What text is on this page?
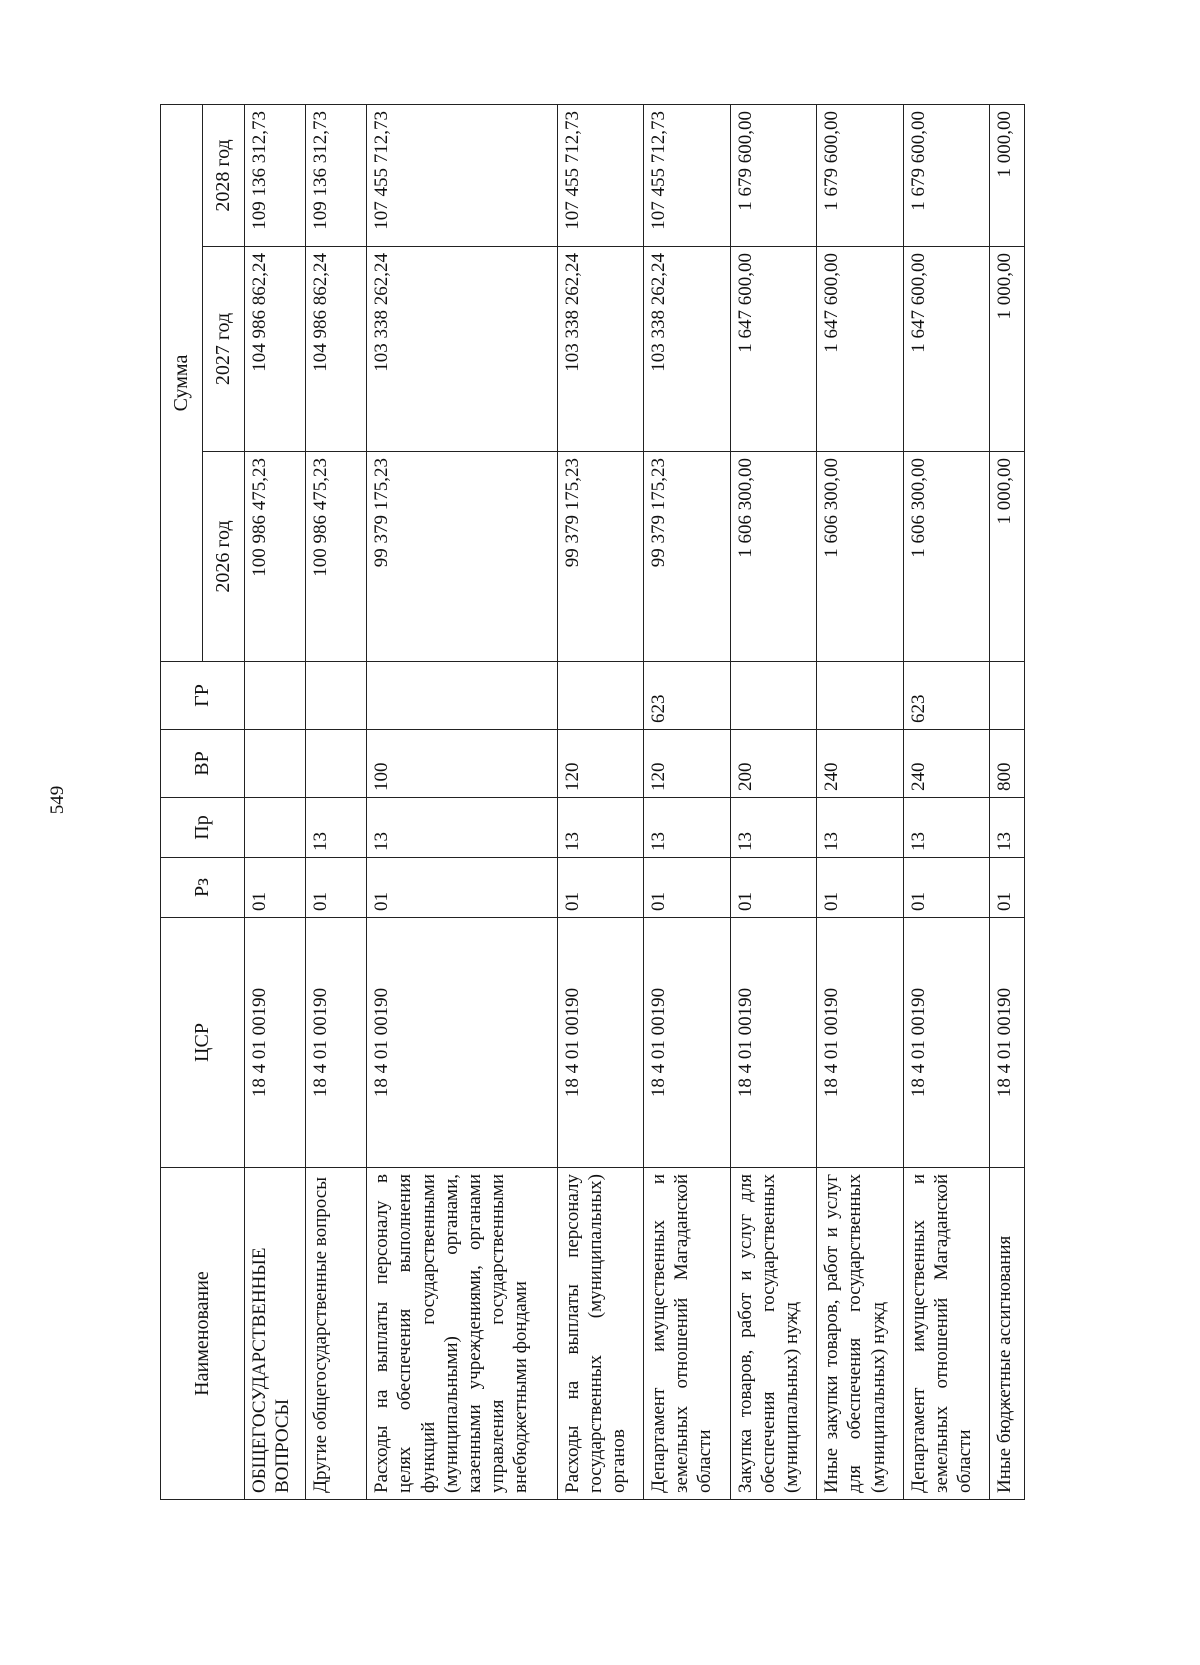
549
Наименование	ЦСР	Рз	Пр	ВР	ГР	Сумма		
						2026 год	2027 год	2028 год
ОБЩЕГОСУДАРСТВЕННЫЕ ВОПРОСЫ	18 4 01 00190	01				100 986 475,23	104 986 862,24	109 136 312,73
Другие общегосударственные вопросы	18 4 01 00190	01	13			100 986 475,23	104 986 862,24	109 136 312,73
Расходы на выплаты персоналу в целях обеспечения выполнения функций государственными (муниципальными) органами, казенными учреждениями, органами управления государственными внебюджетными фондами	18 4 01 00190	01	13	100		99 379 175,23	103 338 262,24	107 455 712,73
Расходы на выплаты персоналу государственных (муниципальных) органов	18 4 01 00190	01	13	120		99 379 175,23	103 338 262,24	107 455 712,73
Департамент имущественных и земельных отношений Магаданской области	18 4 01 00190	01	13	120	623	99 379 175,23	103 338 262,24	107 455 712,73
Закупка товаров, работ и услуг для обеспечения государственных (муниципальных) нужд	18 4 01 00190	01	13	200		1 606 300,00	1 647 600,00	1 679 600,00
Иные закупки товаров, работ и услуг для обеспечения государственных (муниципальных) нужд	18 4 01 00190	01	13	240		1 606 300,00	1 647 600,00	1 679 600,00
Департамент имущественных и земельных отношений Магаданской области	18 4 01 00190	01	13	240	623	1 606 300,00	1 647 600,00	1 679 600,00
Иные бюджетные ассигнования	18 4 01 00190	01	13	800		1 000,00	1 000,00	1 000,00
